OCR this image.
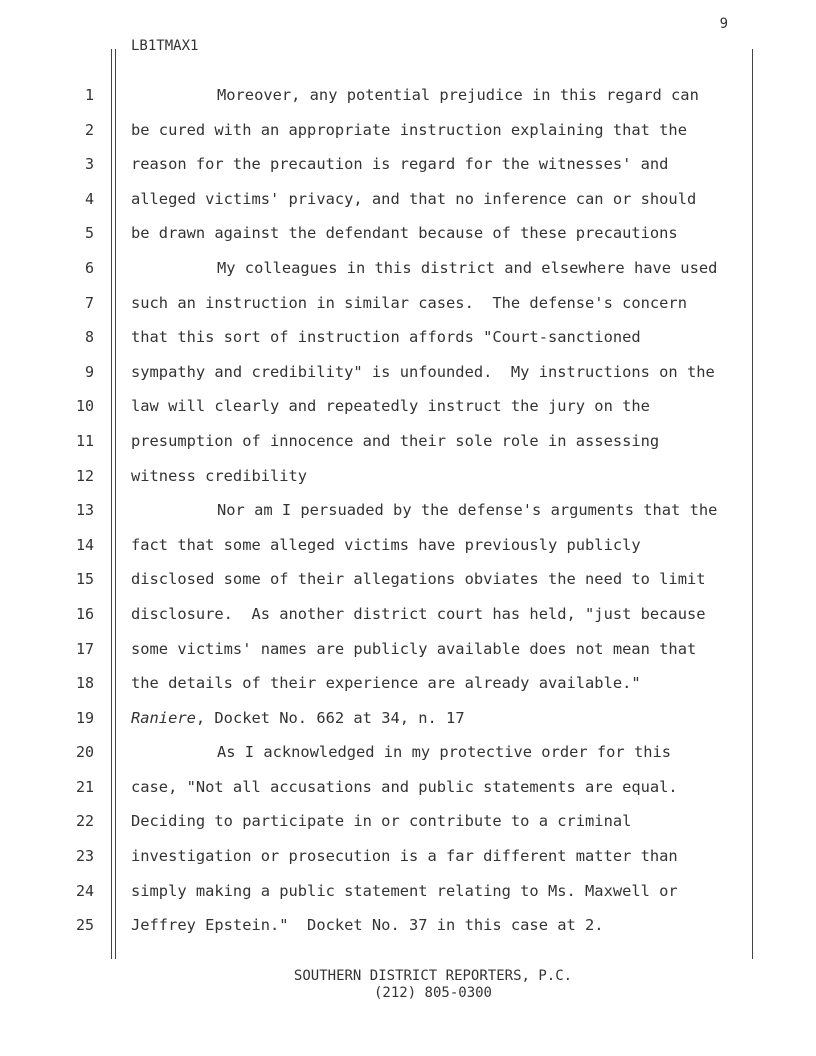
9
LB1TMAX1
1
2
3
4
5
6
7
8
9
10
11
12
13
14
15
16
17
18
19
20
21
22
23
24
25
Moreover, any potential prejudice in this regard can
be cured with an appropriate instruction explaining that the
reason for the precaution is regard for the witnesses' and
alleged victims' privacy, and that no inference can or should
be drawn against the defendant because of these precautions
My colleagues in this district and elsewhere have used
such an instruction in similar cases.  The defense's concern
that this sort of instruction affords "Court-sanctioned
sympathy and credibility" is unfounded.  My instructions on the
law will clearly and repeatedly instruct the jury on the
presumption of innocence and their sole role in assessing
witness credibility
Nor am I persuaded by the defense's arguments that the
fact that some alleged victims have previously publicly
disclosed some of their allegations obviates the need to limit
disclosure.  As another district court has held, "just because
some victims' names are publicly available does not mean that
the details of their experience are already available."
Raniere, Docket No. 662 at 34, n. 17
As I acknowledged in my protective order for this
case, "Not all accusations and public statements are equal.
Deciding to participate in or contribute to a criminal
investigation or prosecution is a far different matter than
simply making a public statement relating to Ms. Maxwell or
Jeffrey Epstein."  Docket No. 37 in this case at 2.
SOUTHERN DISTRICT REPORTERS, P.C.
(212) 805-0300
